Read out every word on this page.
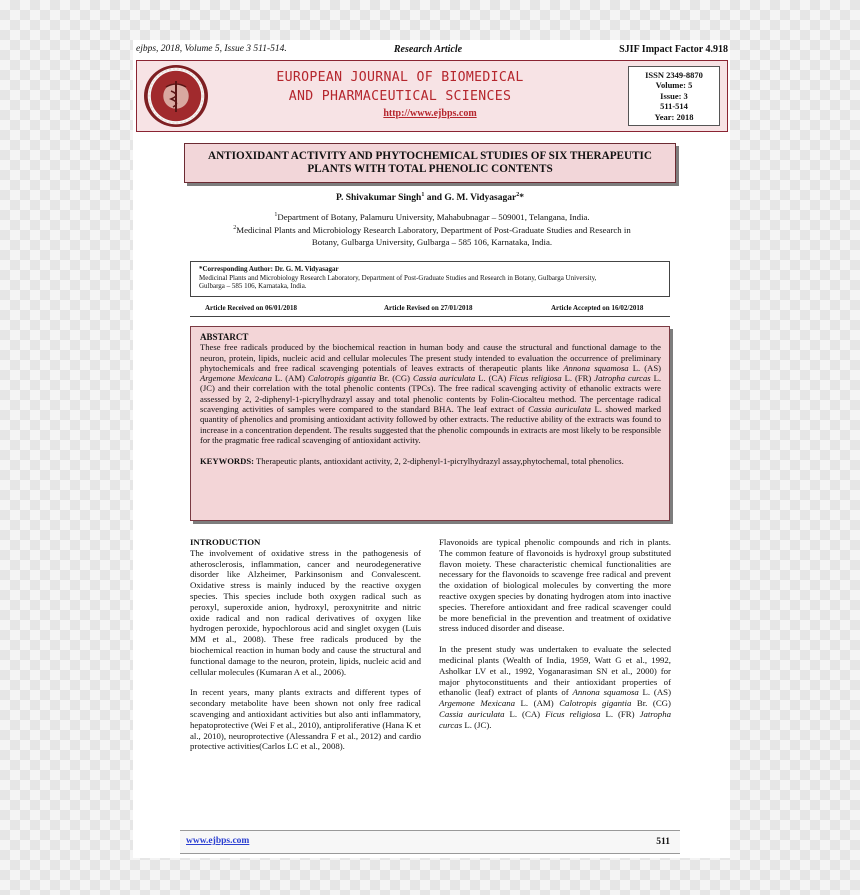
ejbps, 2018, Volume 5, Issue 3 511-514.	Research Article	SJIF Impact Factor 4.918
EUROPEAN JOURNAL OF BIOMEDICAL
AND PHARMACEUTICAL SCIENCES
http://www.ejbps.com
ISSN 2349-8870
Volume: 5
Issue: 3
511-514
Year: 2018
ANTIOXIDANT ACTIVITY AND PHYTOCHEMICAL STUDIES OF SIX THERAPEUTIC
PLANTS WITH TOTAL PHENOLIC CONTENTS
P. Shivakumar Singh$^1$ and G. M. Vidyasagar$^2$*
$^1$Department of Botany, Palamuru University, Mahabubnagar – 509001, Telangana, India.
$^2$Medicinal Plants and Microbiology Research Laboratory, Department of Post-Graduate Studies and Research in
Botany, Gulbarga University, Gulbarga – 585 106, Karnataka, India.
*Corresponding Author: Dr. G. M. Vidyasagar
Medicinal Plants and Microbiology Research Laboratory, Department of Post-Graduate Studies and Research in Botany, Gulbarga University,
Gulbarga – 585 106, Karnataka, India.
Article Received on 06/01/2018	Article Revised on 27/01/2018	Article Accepted on 16/02/2018
ABSTARCT

These free radicals produced by the biochemical reaction in human body and cause the structural and functional damage to the neuron, protein, lipids, nucleic acid and cellular molecules The present study intended to evaluation the occurrence of preliminary phytochemicals and free radical scavenging potentials of leaves extracts of therapeutic plants like Annona squamosa L. (AS) Argemone Mexicana L. (AM) Calotropis gigantia Br. (CG) Cassia auriculata L. (CA) Ficus religiosa L. (FR) Jatropha curcas L. (JC) and their correlation with the total phenolic contents (TPCs). The free radical scavenging activity of ethanolic extracts were assessed by 2, 2‑diphenyl‑1‑picrylhydrazyl assay and total phenolic contents by Folin‑Ciocalteu method. The percentage radical scavenging activities of samples were compared to the standard BHA. The leaf extract of Cassia auriculata L. showed marked quantity of phenolics and promising antioxidant activity followed by other extracts. The reductive ability of the extracts was found to increase in a concentration dependent. The results suggested that the phenolic compounds in extracts are most likely to be responsible for the pragmatic free radical scavenging of antioxidant activity.

KEYWORDS: Therapeutic plants, antioxidant activity, 2, 2‑diphenyl‑1‑picrylhydrazyl assay,phytochemal, total phenolics.

INTRODUCTION

The involvement of oxidative stress in the pathogenesis of atherosclerosis, inflammation, cancer and neurodegenerative disorder like Alzheimer, Parkinsonism and Convalescent. Oxidative stress is mainly induced by the reactive oxygen species. This species include both oxygen radical such as peroxyl, superoxide anion, hydroxyl, peroxynitrite and nitric oxide radical and non radical derivatives of oxygen like hydrogen peroxide, hypochlorous acid and singlet oxygen (Luis MM et al., 2008). These free radicals produced by the biochemical reaction in human body and cause the structural and functional damage to the neuron, protein, lipids, nucleic acid and cellular molecules (Kumaran A et al., 2006).

In recent years, many plants extracts and different types of secondary metabolite have been shown not only free radical scavenging and antioxidant activities but also anti inflammatory, hepatoprotective (Wei F et al., 2010), antiproliferative (Hana K et al., 2010), neuroprotective (Alessandra F et al., 2012) and cardio protective activities(Carlos LC et al., 2008).

Flavonoids are typical phenolic compounds and rich in plants. The common feature of flavonoids is hydroxyl group substituted flavon moiety. These characteristic chemical functionalities are necessary for the flavonoids to scavenge free radical and prevent the oxidation of biological molecules by converting the more reactive oxygen species by donating hydrogen atom into inactive species. Therefore antioxidant and free radical scavenger could be more beneficial in the prevention and treatment of oxidative stress induced disorder and disease.

In the present study was undertaken to evaluate the selected medicinal plants (Wealth of India, 1959, Watt G et al., 1992, Asholkar LV et al., 1992, Yoganarasiman SN et al., 2000) for major phytoconstituents and their antioxidant properties of ethanolic (leaf) extract of plants of Annona squamosa L. (AS) Argemone Mexicana L. (AM) Calotropis gigantia Br. (CG) Cassia auriculata L. (CA) Ficus religiosa L. (FR) Jatropha curcas L. (JC).

www.ejbps.com	511
